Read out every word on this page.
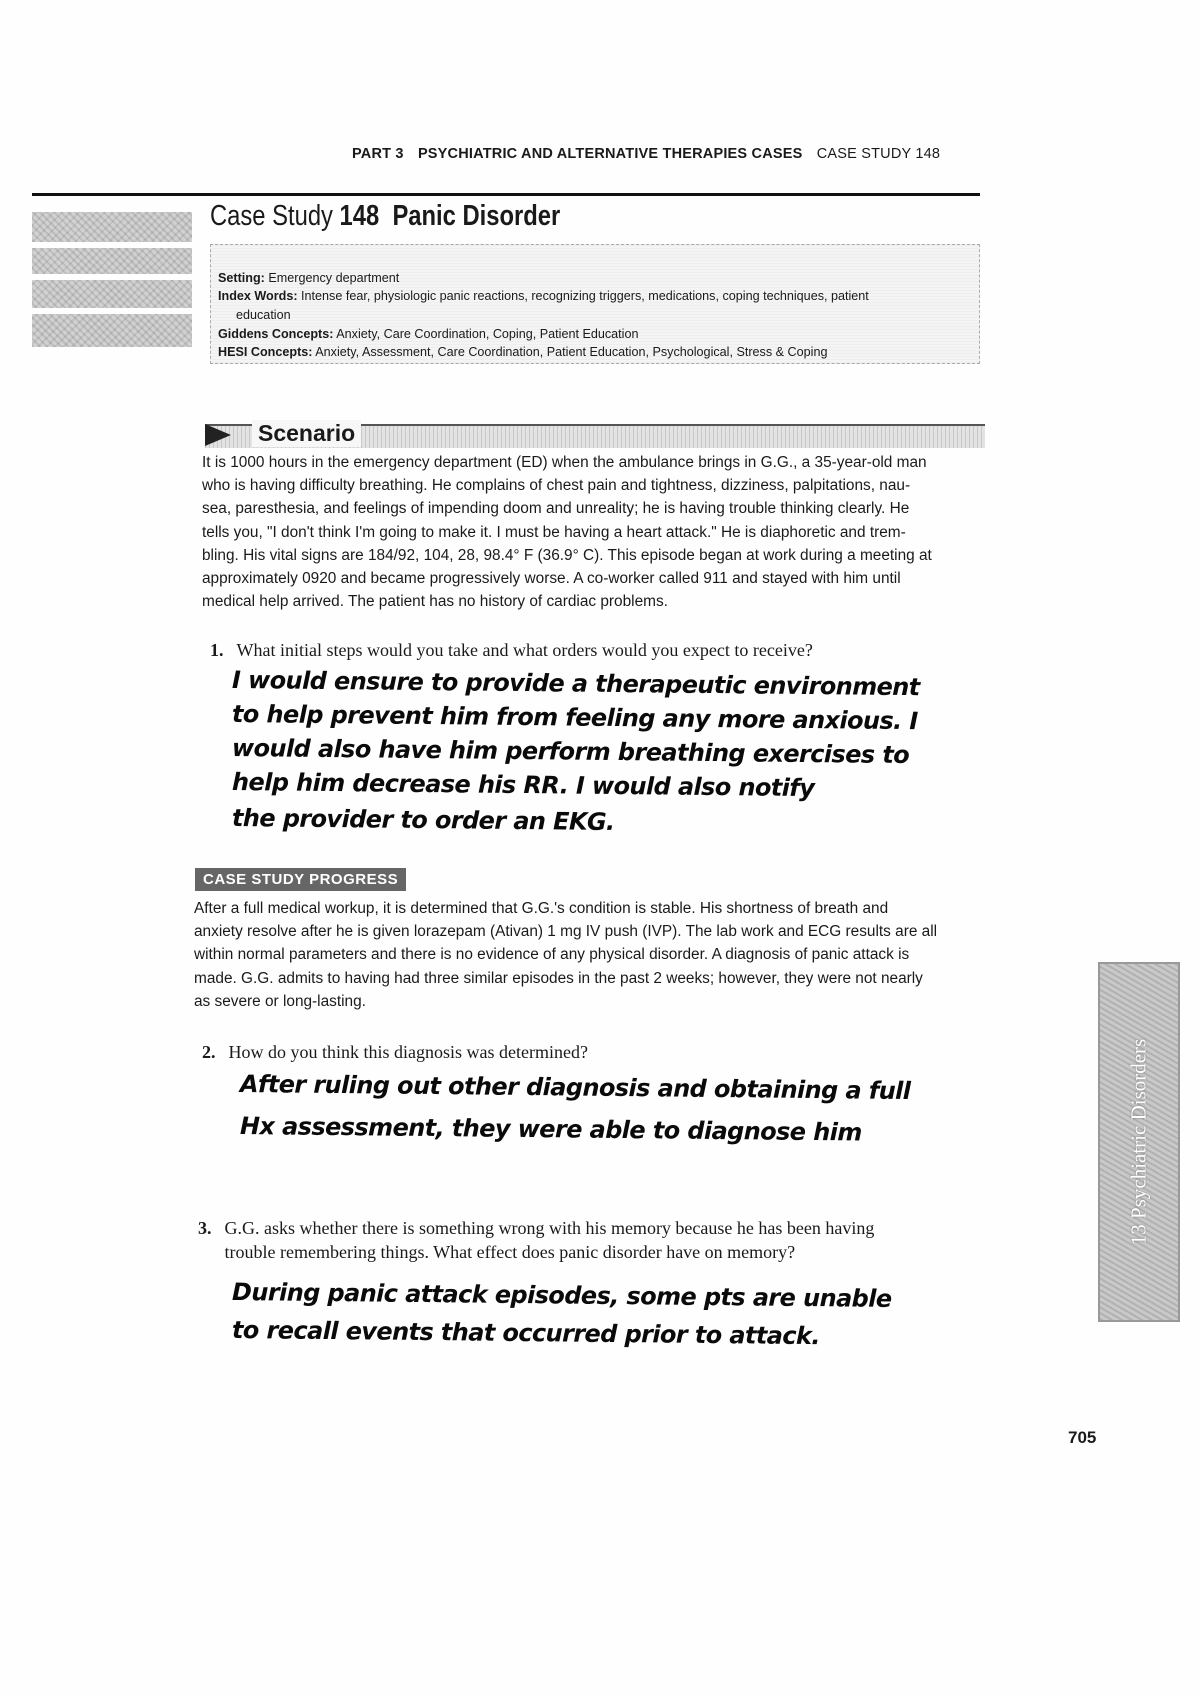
PART 3 PSYCHIATRIC AND ALTERNATIVE THERAPIES CASES CASE STUDY 148
Case Study 148 Panic Disorder
Setting: Emergency department
Index Words: Intense fear, physiologic panic reactions, recognizing triggers, medications, coping techniques, patient
education
Giddens Concepts: Anxiety, Care Coordination, Coping, Patient Education
HESI Concepts: Anxiety, Assessment, Care Coordination, Patient Education, Psychological, Stress & Coping
Scenario
It is 1000 hours in the emergency department (ED) when the ambulance brings in G.G., a 35-year-old man
who is having difficulty breathing. He complains of chest pain and tightness, dizziness, palpitations, nau-
sea, paresthesia, and feelings of impending doom and unreality; he is having trouble thinking clearly. He
tells you, "I don't think I'm going to make it. I must be having a heart attack." He is diaphoretic and trem-
bling. His vital signs are 184/92, 104, 28, 98.4° F (36.9° C). This episode began at work during a meeting at
approximately 0920 and became progressively worse. A co-worker called 911 and stayed with him until
medical help arrived. The patient has no history of cardiac problems.
1. What initial steps would you take and what orders would you expect to receive?
I would ensure to provide a therapeutic environment
to help prevent him from feeling any more anxious. I
would also have him perform breathing exercises to
help him decrease his RR. I would also notify
the provider to order an EKG.
CASE STUDY PROGRESS
After a full medical workup, it is determined that G.G.'s condition is stable. His shortness of breath and
anxiety resolve after he is given lorazepam (Ativan) 1 mg IV push (IVP). The lab work and ECG results are all
within normal parameters and there is no evidence of any physical disorder. A diagnosis of panic attack is
made. G.G. admits to having had three similar episodes in the past 2 weeks; however, they were not nearly
as severe or long-lasting.
2. How do you think this diagnosis was determined?
After ruling out other diagnosis and obtaining a full
Hx assessment, they were able to diagnose him
3. G.G. asks whether there is something wrong with his memory because he has been having
trouble remembering things. What effect does panic disorder have on memory?
During panic attack episodes, some pts are unable
to recall events that occurred prior to attack.
13 Psychiatric Disorders
705
